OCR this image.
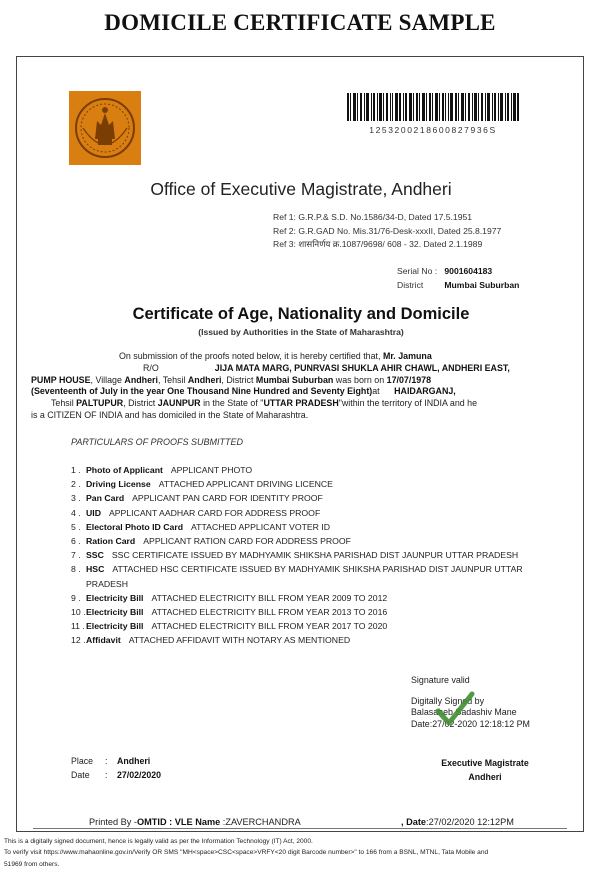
DOMICILE CERTIFICATE SAMPLE
1253200218600827936S
Office of Executive Magistrate, Andheri
Ref 1: G.R.P.& S.D. No.1586/34-D, Dated 17.5.1951
Ref 2: G.R.GAD No. Mis.31/76-Desk-xxxII, Dated 25.8.1977
Ref 3: शासनिर्णय क्र.1087/9698/ 608 - 32. Dated 2.1.1989
Serial No : 9001604183
District Mumbai Suburban
Certificate of Age, Nationality and Domicile
(Issued by Authorities in the State of Maharashtra)
On submission of the proofs noted below, it is hereby certified that, Mr. Jamuna
R/O	JIJA MATA MARG, PUNRVASI SHUKLA AHIR CHAWL, ANDHERI EAST,
PUMP HOUSE, Village Andheri, Tehsil Andheri, District Mumbai Suburban was born on 17/07/1978
(Seventeenth of July in the year One Thousand Nine Hundred and Seventy Eight)at HAIDARGANJ,
Tehsil PALTUPUR, District JAUNPUR in the State of "UTTAR PRADESH"within the territory of INDIA and he
is a CITIZEN OF INDIA and has domiciled in the State of Maharashtra.
PARTICULARS OF PROOFS SUBMITTED
1 . Photo of Applicant APPLICANT PHOTO
2 . Driving License ATTACHED APPLICANT DRIVING LICENCE
3 . Pan Card APPLICANT PAN CARD FOR IDENTITY PROOF
4 . UID APPLICANT AADHAR CARD FOR ADDRESS PROOF
5 . Electoral Photo ID Card ATTACHED APPLICANT VOTER ID
6 . Ration Card APPLICANT RATION CARD FOR ADDRESS PROOF
7 . SSC SSC CERTIFICATE ISSUED BY MADHYAMIK SHIKSHA PARISHAD DIST JAUNPUR UTTAR PRADESH
8 . HSC ATTACHED HSC CERTIFICATE ISSUED BY MADHYAMIK SHIKSHA PARISHAD DIST JAUNPUR UTTAR PRADESH
9 . Electricity Bill ATTACHED ELECTRICITY BILL FROM YEAR 2009 TO 2012
10 . Electricity Bill ATTACHED ELECTRICITY BILL FROM YEAR 2013 TO 2016
11 . Electricity Bill ATTACHED ELECTRICITY BILL FROM YEAR 2017 TO 2020
12 . Affidavit ATTACHED AFFIDAVIT WITH NOTARY AS MENTIONED
Signature valid
Digitally Signed by
Balasaheb Sadashiv Mane
Date:27/02-2020 12:18:12 PM
Place : Andheri
Date : 27/02/2020
Executive Magistrate
Andheri

Printed By -OMTID : VLE Name :ZAVERCHANDRA	, Date:27/02/2020 12:12PM
This is a digitally signed document, hence is legally valid as per the Information Technology (IT) Act, 2000.
To verify visit https://www.mahaonline.gov.in/Verify OR SMS "MH<space>CSC<space>VRFY<20 digit Barcode number>" to 166 from a BSNL, MTNL, Tata Mobile and
51969 from others.
